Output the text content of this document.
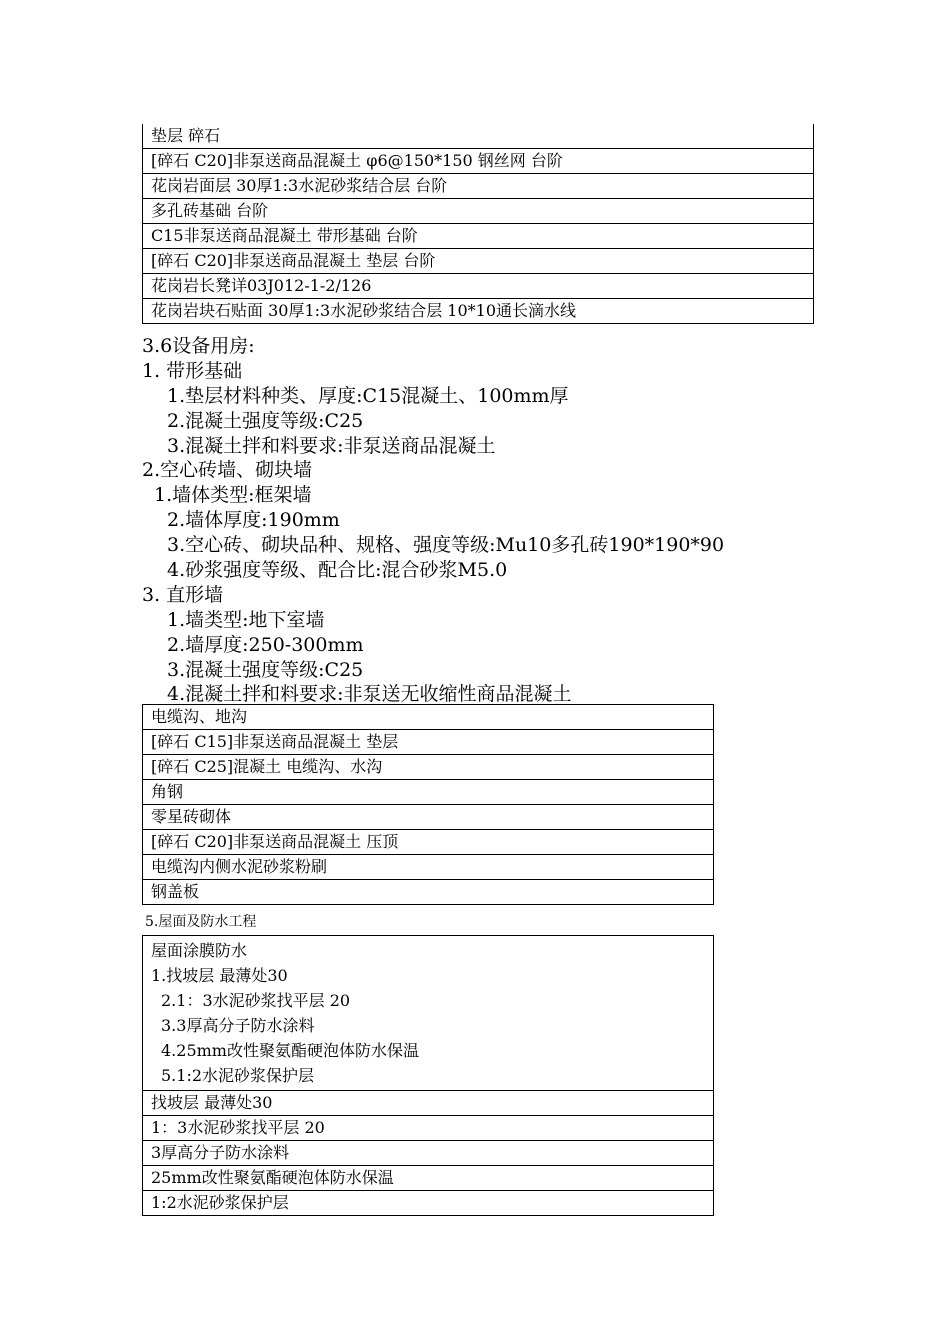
垫层 碎石
[碎石 C20]非泵送商品混凝土 φ6@150*150 钢丝网 台阶
花岗岩面层 30厚1:3水泥砂浆结合层 台阶
多孔砖基础 台阶
C15非泵送商品混凝土 带形基础 台阶
[碎石 C20]非泵送商品混凝土 垫层 台阶
花岗岩长凳详03J012-1-2/126
花岗岩块石贴面 30厚1:3水泥砂浆结合层 10*10通长滴水线
3.6设备用房:
1. 带形基础
1.垫层材料种类、厚度:C15混凝土、100mm厚
2.混凝土强度等级:C25
3.混凝土拌和料要求:非泵送商品混凝土
2.空心砖墙、砌块墙
1.墙体类型:框架墙
2.墙体厚度:190mm
3.空心砖、砌块品种、规格、强度等级:Mu10多孔砖190*190*90
4.砂浆强度等级、配合比:混合砂浆M5.0
3. 直形墙
1.墙类型:地下室墙
2.墙厚度:250-300mm
3.混凝土强度等级:C25
4.混凝土拌和料要求:非泵送无收缩性商品混凝土
电缆沟、地沟
[碎石 C15]非泵送商品混凝土 垫层
[碎石 C25]混凝土 电缆沟、水沟
角钢
零星砖砌体
[碎石 C20]非泵送商品混凝土 压顶
电缆沟内侧水泥砂浆粉刷
钢盖板
5.屋面及防水工程
屋面涂膜防水
1.找坡层 最薄处30
2.1：3水泥砂浆找平层 20
3.3厚高分子防水涂料
4.25mm改性聚氨酯硬泡体防水保温
5.1:2水泥砂浆保护层

找坡层 最薄处30
1：3水泥砂浆找平层 20
3厚高分子防水涂料
25mm改性聚氨酯硬泡体防水保温
1:2水泥砂浆保护层
